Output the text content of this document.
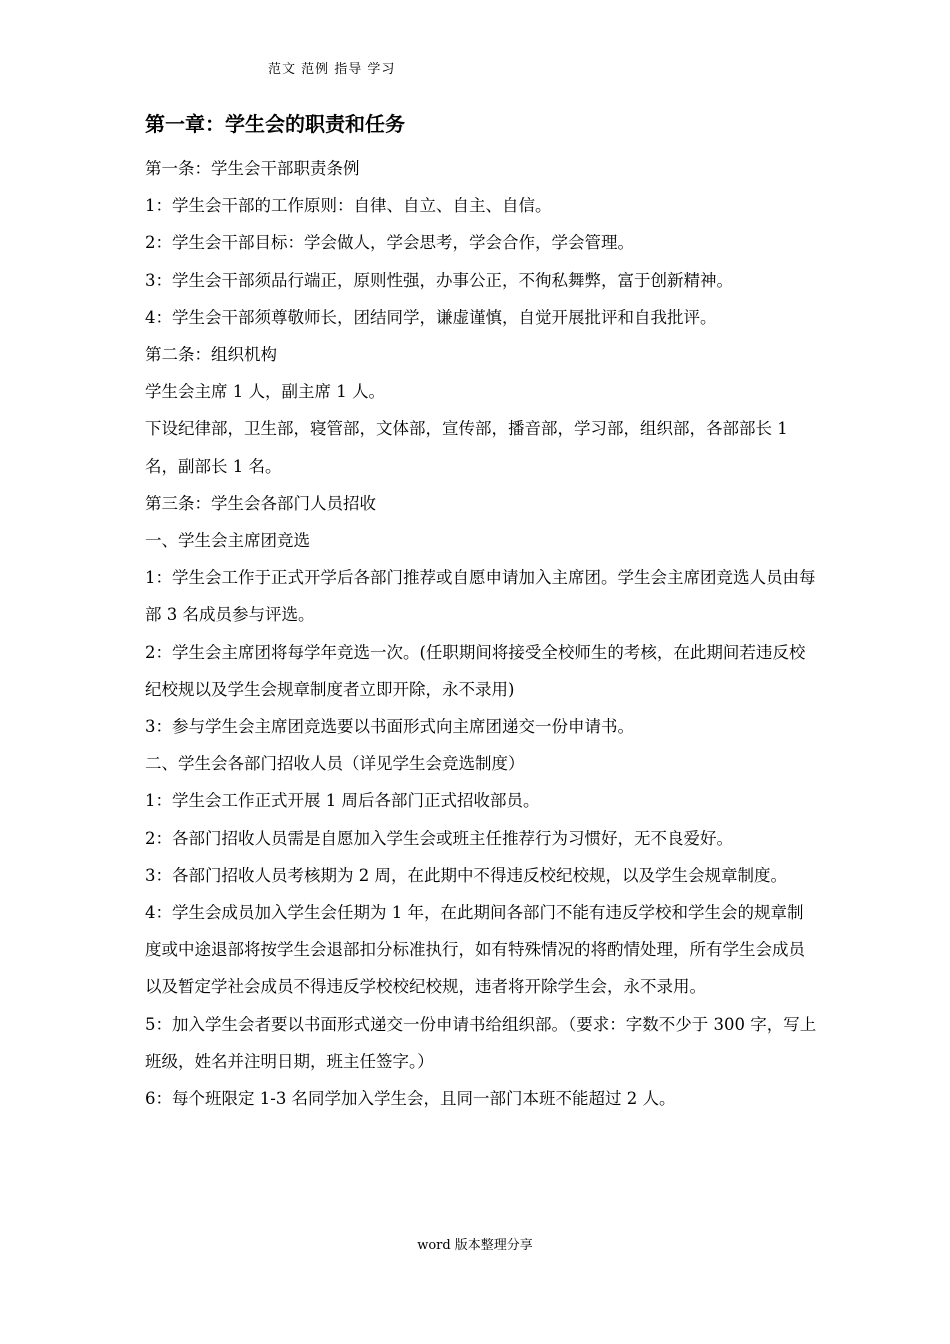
范文 范例 指导 学习
第一章：学生会的职责和任务

第一条：学生会干部职责条例

1：学生会干部的工作原则：自律、自立、自主、自信。

2：学生会干部目标：学会做人，学会思考，学会合作，学会管理。

3：学生会干部须品行端正，原则性强，办事公正，不徇私舞弊，富于创新精神。

4：学生会干部须尊敬师长，团结同学，谦虚谨慎，自觉开展批评和自我批评。

第二条：组织机构

学生会主席 1 人，副主席 1 人。

下设纪律部，卫生部，寝管部，文体部，宣传部，播音部，学习部，组织部，各部部长 1 名，副部长 1 名。

第三条：学生会各部门人员招收

一、学生会主席团竞选

1：学生会工作于正式开学后各部门推荐或自愿申请加入主席团。学生会主席团竞选人员由每部 3 名成员参与评选。

2：学生会主席团将每学年竞选一次。(任职期间将接受全校师生的考核，在此期间若违反校纪校规以及学生会规章制度者立即开除，永不录用)

3：参与学生会主席团竞选要以书面形式向主席团递交一份申请书。

二、学生会各部门招收人员（详见学生会竞选制度）

1：学生会工作正式开展 1 周后各部门正式招收部员。

2：各部门招收人员需是自愿加入学生会或班主任推荐行为习惯好，无不良爱好。

3：各部门招收人员考核期为 2 周，在此期中不得违反校纪校规，以及学生会规章制度。

4：学生会成员加入学生会任期为 1 年，在此期间各部门不能有违反学校和学生会的规章制度或中途退部将按学生会退部扣分标准执行，如有特殊情况的将酌情处理，所有学生会成员以及暂定学社会成员不得违反学校校纪校规，违者将开除学生会，永不录用。

5：加入学生会者要以书面形式递交一份申请书给组织部。（要求：字数不少于 300 字，写上班级，姓名并注明日期，班主任签字。）

6：每个班限定 1-3 名同学加入学生会，且同一部门本班不能超过 2 人。

word 版本整理分享
